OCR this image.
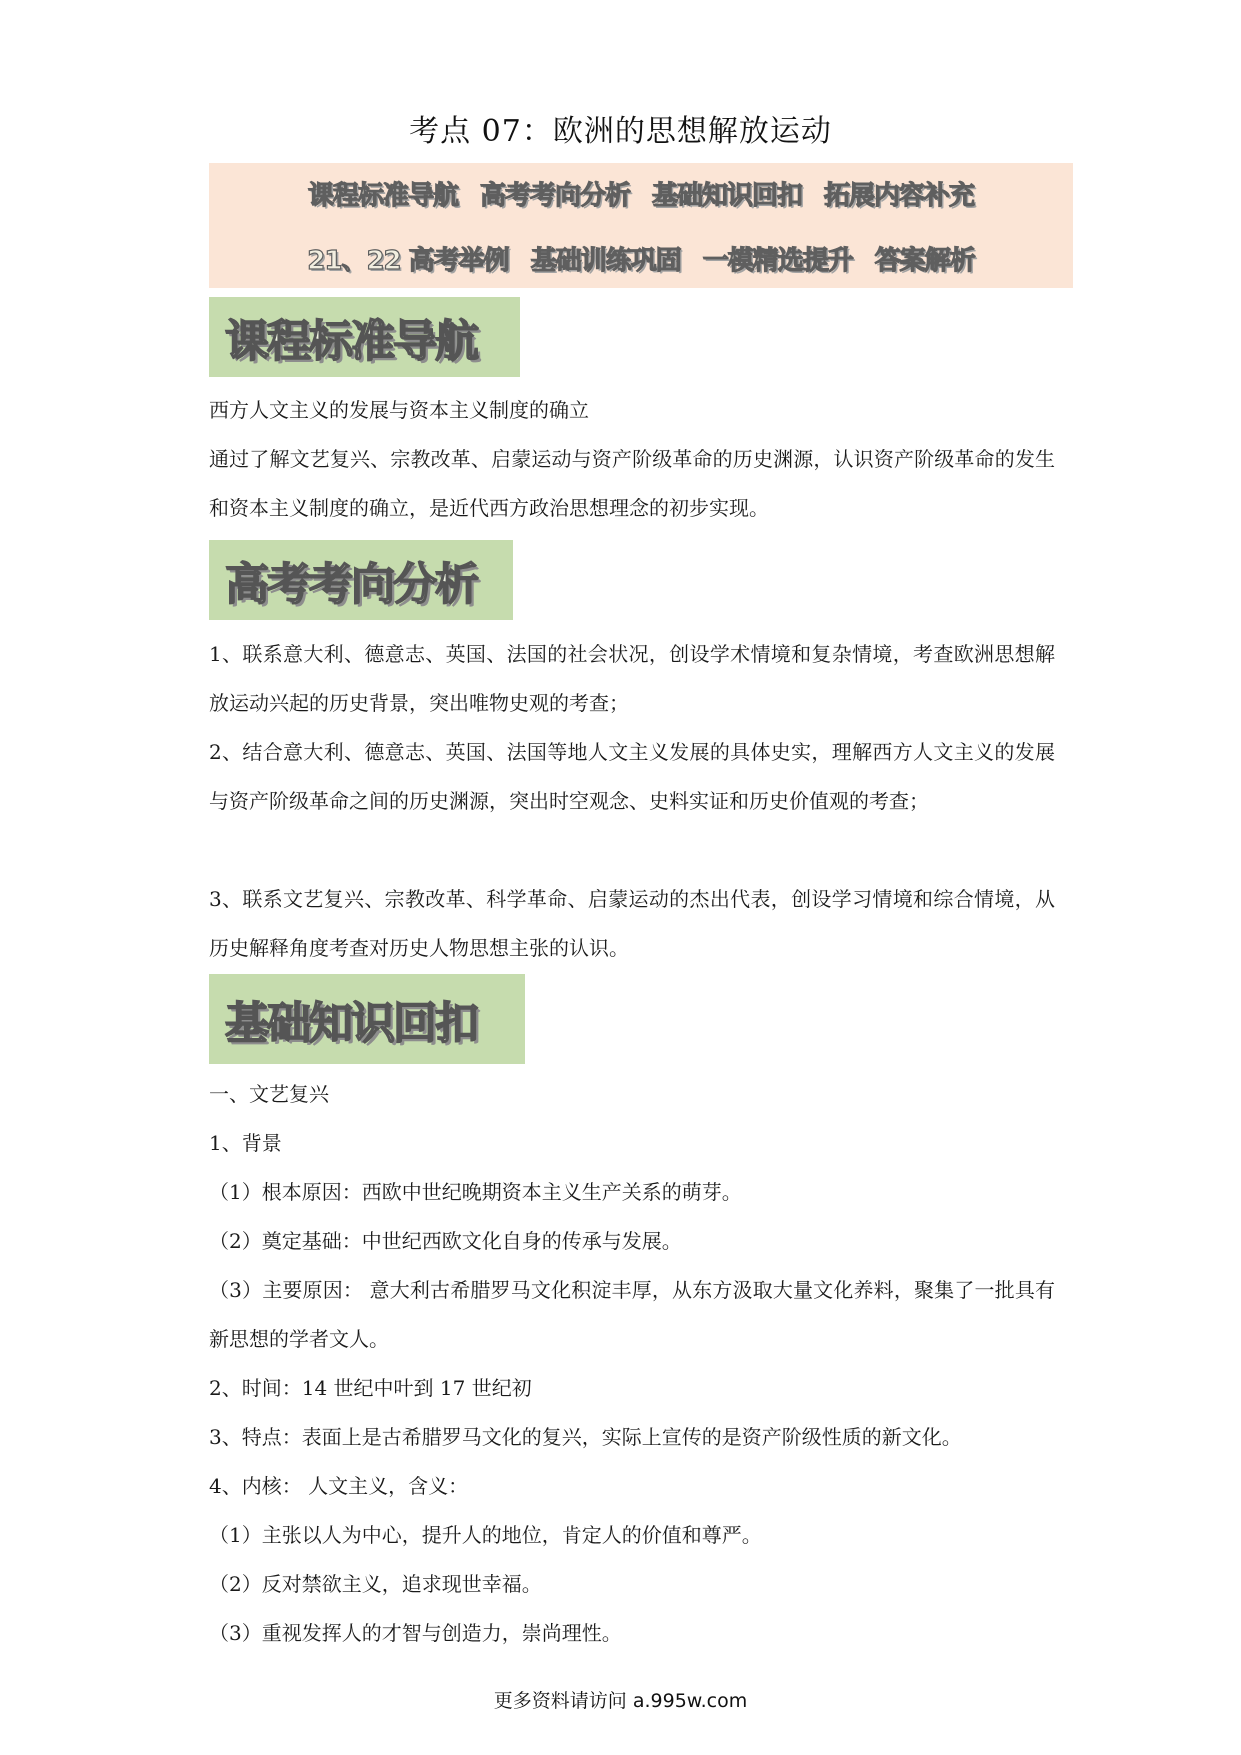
考点 07：欧洲的思想解放运动
课程标准导航 高考考向分析 基础知识回扣 拓展内容补充
21、22 高考举例 基础训练巩固 一模精选提升 答案解析
课程标准导航

西方人文主义的发展与资本主义制度的确立

通过了解文艺复兴、宗教改革、启蒙运动与资产阶级革命的历史渊源，认识资产阶级革命的发生和资本主义制度的确立，是近代西方政治思想理念的初步实现。

高考考向分析

1、联系意大利、德意志、英国、法国的社会状况，创设学术情境和复杂情境，考查欧洲思想解放运动兴起的历史背景，突出唯物史观的考查；

2、结合意大利、德意志、英国、法国等地人文主义发展的具体史实，理解西方人文主义的发展与资产阶级革命之间的历史渊源，突出时空观念、史料实证和历史价值观的考查；

3、联系文艺复兴、宗教改革、科学革命、启蒙运动的杰出代表，创设学习情境和综合情境，从历史解释角度考查对历史人物思想主张的认识。

基础知识回扣

一、文艺复兴

1、背景

（1）根本原因：西欧中世纪晚期资本主义生产关系的萌芽。

（2）奠定基础：中世纪西欧文化自身的传承与发展。

（3）主要原因： 意大利古希腊罗马文化积淀丰厚，从东方汲取大量文化养料，聚集了一批具有新思想的学者文人。

2、时间：14 世纪中叶到 17 世纪初

3、特点：表面上是古希腊罗马文化的复兴，实际上宣传的是资产阶级性质的新文化。

4、内核： 人文主义，含义：

（1）主张以人为中心，提升人的地位，肯定人的价值和尊严。

（2）反对禁欲主义，追求现世幸福。

（3）重视发挥人的才智与创造力，崇尚理性。

更多资料请访问 a.995w.com
